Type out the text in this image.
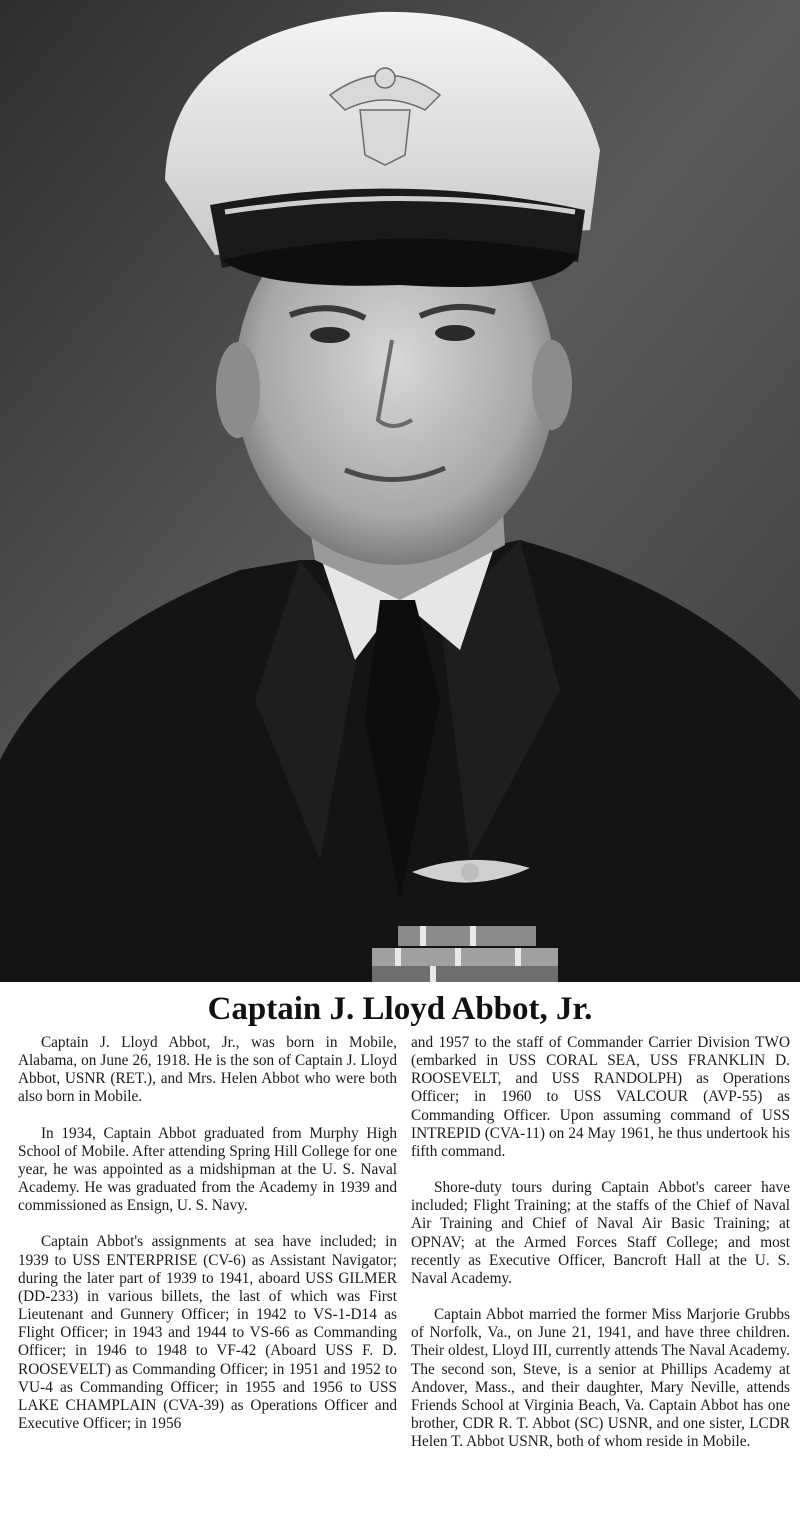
Captain J. Lloyd Abbot, Jr.

Captain J. Lloyd Abbot, Jr., was born in Mobile, Alabama, on June 26, 1918. He is the son of Captain J. Lloyd Abbot, USNR (RET.), and Mrs. Helen Abbot who were both also born in Mobile.

In 1934, Captain Abbot graduated from Murphy High School of Mobile. After attending Spring Hill College for one year, he was appointed as a midshipman at the U. S. Naval Academy. He was graduated from the Academy in 1939 and commissioned as Ensign, U. S. Navy.

Captain Abbot's assignments at sea have included; in 1939 to USS ENTERPRISE (CV-6) as Assistant Navigator; during the later part of 1939 to 1941, aboard USS GILMER (DD-233) in various billets, the last of which was First Lieutenant and Gunnery Officer; in 1942 to VS-1-D14 as Flight Officer; in 1943 and 1944 to VS-66 as Commanding Officer; in 1946 to 1948 to VF-42 (Aboard USS F. D. ROOSEVELT) as Commanding Officer; in 1951 and 1952 to VU-4 as Commanding Officer; in 1955 and 1956 to USS LAKE CHAMPLAIN (CVA-39) as Operations Officer and Executive Officer; in 1956

and 1957 to the staff of Commander Carrier Division TWO (embarked in USS CORAL SEA, USS FRANKLIN D. ROOSEVELT, and USS RANDOLPH) as Operations Officer; in 1960 to USS VALCOUR (AVP-55) as Commanding Officer. Upon assuming command of USS INTREPID (CVA-11) on 24 May 1961, he thus undertook his fifth command.

Shore-duty tours during Captain Abbot's career have included; Flight Training; at the staffs of the Chief of Naval Air Training and Chief of Naval Air Basic Training; at OPNAV; at the Armed Forces Staff College; and most recently as Executive Officer, Bancroft Hall at the U. S. Naval Academy.

Captain Abbot married the former Miss Marjorie Grubbs of Norfolk, Va., on June 21, 1941, and have three children. Their oldest, Lloyd III, currently attends The Naval Academy. The second son, Steve, is a senior at Phillips Academy at Andover, Mass., and their daughter, Mary Neville, attends Friends School at Virginia Beach, Va. Captain Abbot has one brother, CDR R. T. Abbot (SC) USNR, and one sister, LCDR Helen T. Abbot USNR, both of whom reside in Mobile.
